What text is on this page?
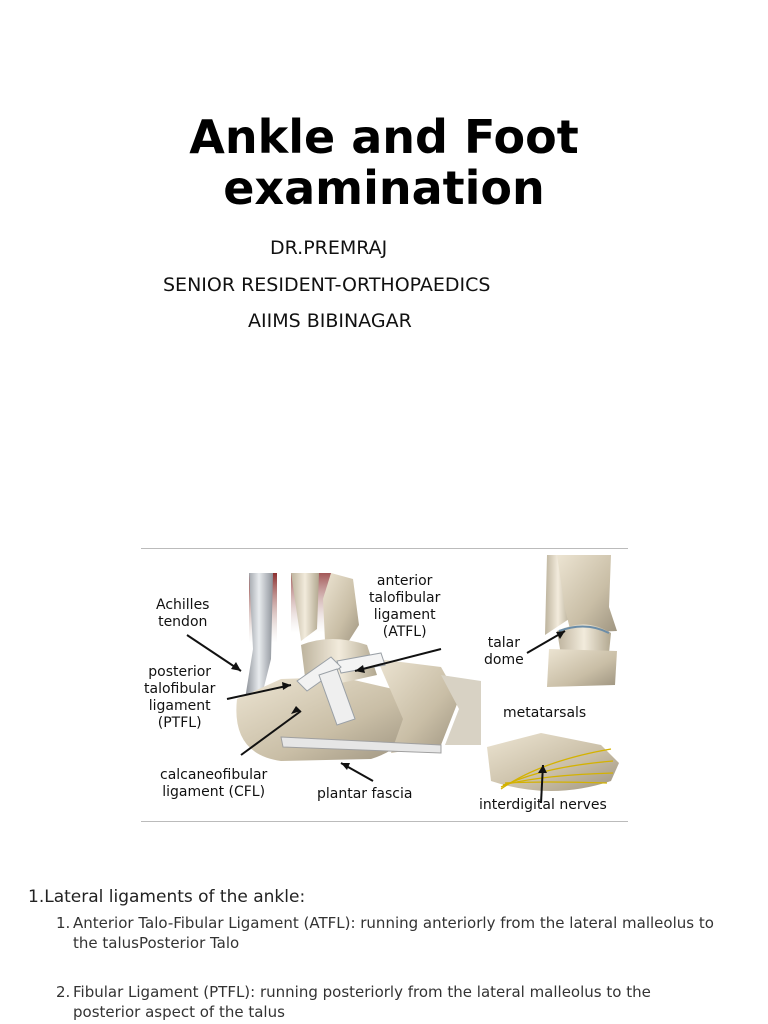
Ankle and Foot
examination
DR.PREMRAJ
SENIOR RESIDENT-ORTHOPAEDICS
AIIMS BIBINAGAR
Achilles
tendon
anterior
talofibular
ligament
(ATFL)
posterior
talofibular
ligament
(PTFL)
calcaneofibular
ligament (CFL)	plantar fascia
talar
dome
metatarsals
interdigital nerves
1.Lateral ligaments of the ankle:
1. Anterior Talo-Fibular Ligament (ATFL): running anteriorly from the lateral malleolus to the talusPosterior Talo
2. Fibular Ligament (PTFL): running posteriorly from the lateral malleolus to the posterior aspect of the talus
